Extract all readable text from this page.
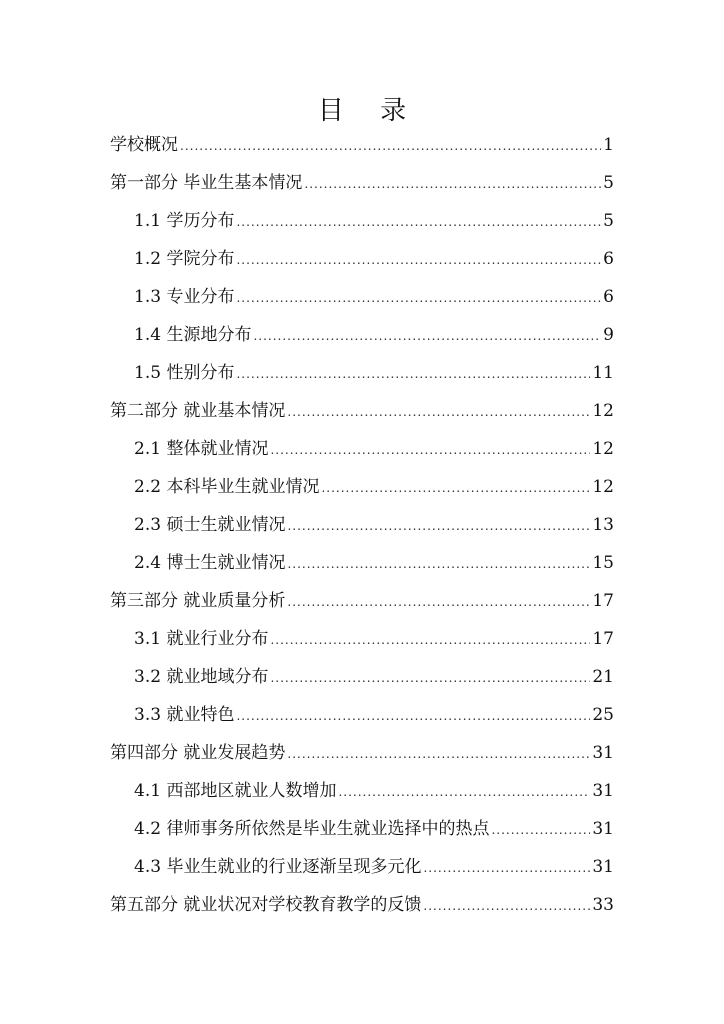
目 录
学校概况 .....	1
第一部分 毕业生基本情况 .....	5
1.1 学历分布 .....	5
1.2 学院分布 .....	6
1.3 专业分布 .....	6
1.4 生源地分布 .....	9
1.5 性别分布 .....	11
第二部分 就业基本情况 .....	12
2.1 整体就业情况 .....	12
2.2 本科毕业生就业情况 .....	12
2.3 硕士生就业情况 .....	13
2.4 博士生就业情况 .....	15
第三部分 就业质量分析 .....	17
3.1 就业行业分布 .....	17
3.2 就业地域分布 .....	21
3.3 就业特色 .....	25
第四部分 就业发展趋势 .....	31
4.1 西部地区就业人数增加 .....	31
4.2 律师事务所依然是毕业生就业选择中的热点 .....	31
4.3 毕业生就业的行业逐渐呈现多元化 .....	31
第五部分 就业状况对学校教育教学的反馈 .....	33
